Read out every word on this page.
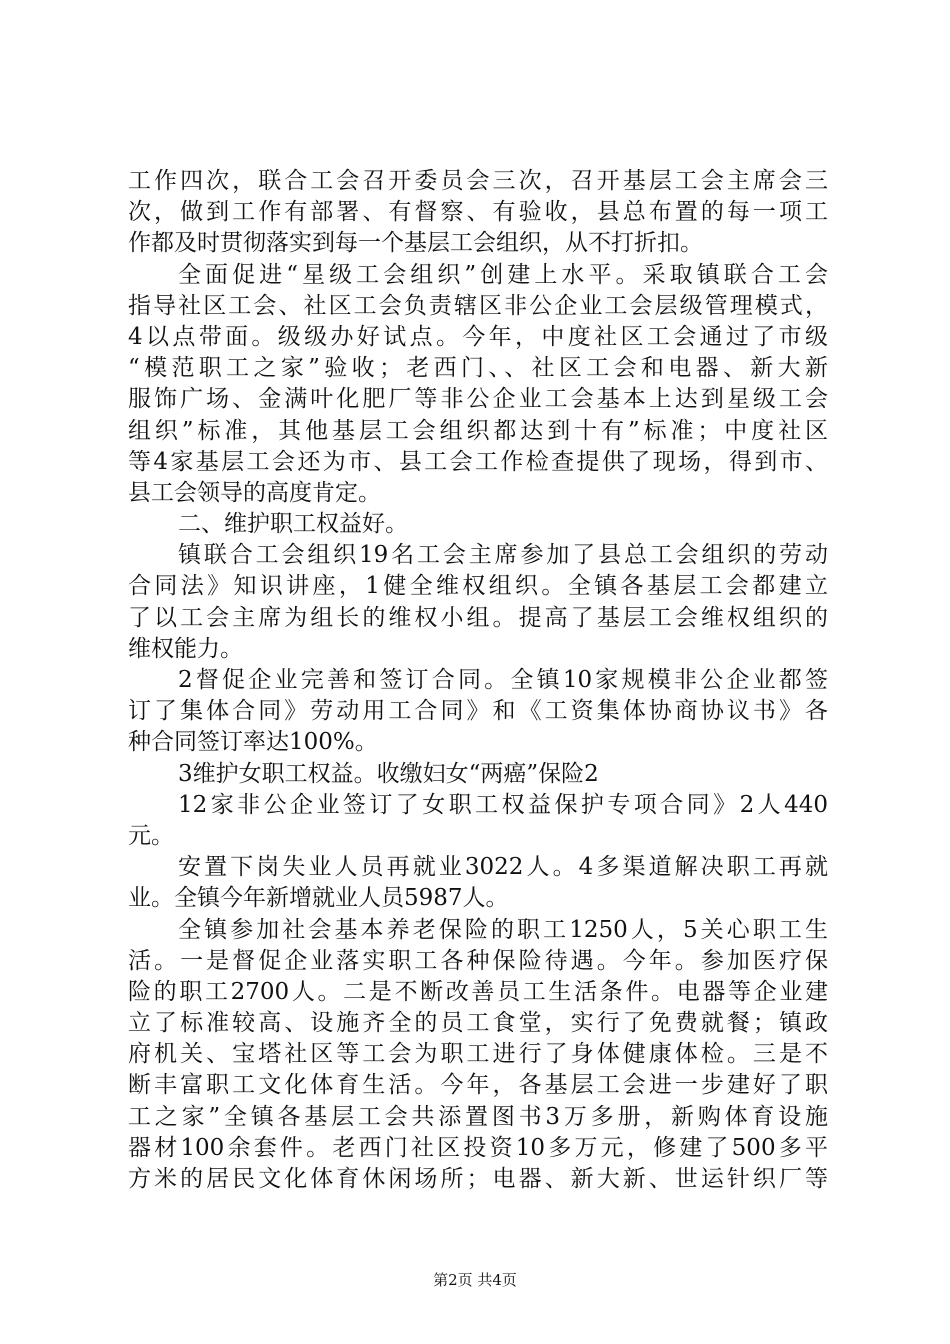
工作四次，联合工会召开委员会三次，召开基层工会主席会三
次，做到工作有部署、有督察、有验收，县总布置的每一项工
作都及时贯彻落实到每一个基层工会组织，从不打折扣。
全面促进“星级工会组织”创建上水平。采取镇联合工会
指导社区工会、社区工会负责辖区非公企业工会层级管理模式，
4以点带面。级级办好试点。今年，中度社区工会通过了市级
“模范职工之家”验收；老西门、、社区工会和电器、新大新
服饰广场、金满叶化肥厂等非公企业工会基本上达到星级工会
组织”标准，其他基层工会组织都达到十有”标准；中度社区
等4家基层工会还为市、县工会工作检查提供了现场，得到市、
县工会领导的高度肯定。
二、维护职工权益好。
镇联合工会组织19名工会主席参加了县总工会组织的劳动
合同法》知识讲座，1健全维权组织。全镇各基层工会都建立
了以工会主席为组长的维权小组。提高了基层工会维权组织的
维权能力。
2督促企业完善和签订合同。全镇10家规模非公企业都签
订了集体合同》劳动用工合同》和《工资集体协商协议书》各
种合同签订率达100%。
3维护女职工权益。收缴妇女“两癌”保险2
12家非公企业签订了女职工权益保护专项合同》2人440
元。
安置下岗失业人员再就业3022人。4多渠道解决职工再就
业。全镇今年新增就业人员5987人。
全镇参加社会基本养老保险的职工1250人，5关心职工生
活。一是督促企业落实职工各种保险待遇。今年。参加医疗保
险的职工2700人。二是不断改善员工生活条件。电器等企业建
立了标准较高、设施齐全的员工食堂，实行了免费就餐；镇政
府机关、宝塔社区等工会为职工进行了身体健康体检。三是不
断丰富职工文化体育生活。今年，各基层工会进一步建好了职
工之家”全镇各基层工会共添置图书3万多册，新购体育设施
器材100余套件。老西门社区投资10多万元，修建了500多平
方米的居民文化体育休闲场所；电器、新大新、世运针织厂等
第2页 共4页
